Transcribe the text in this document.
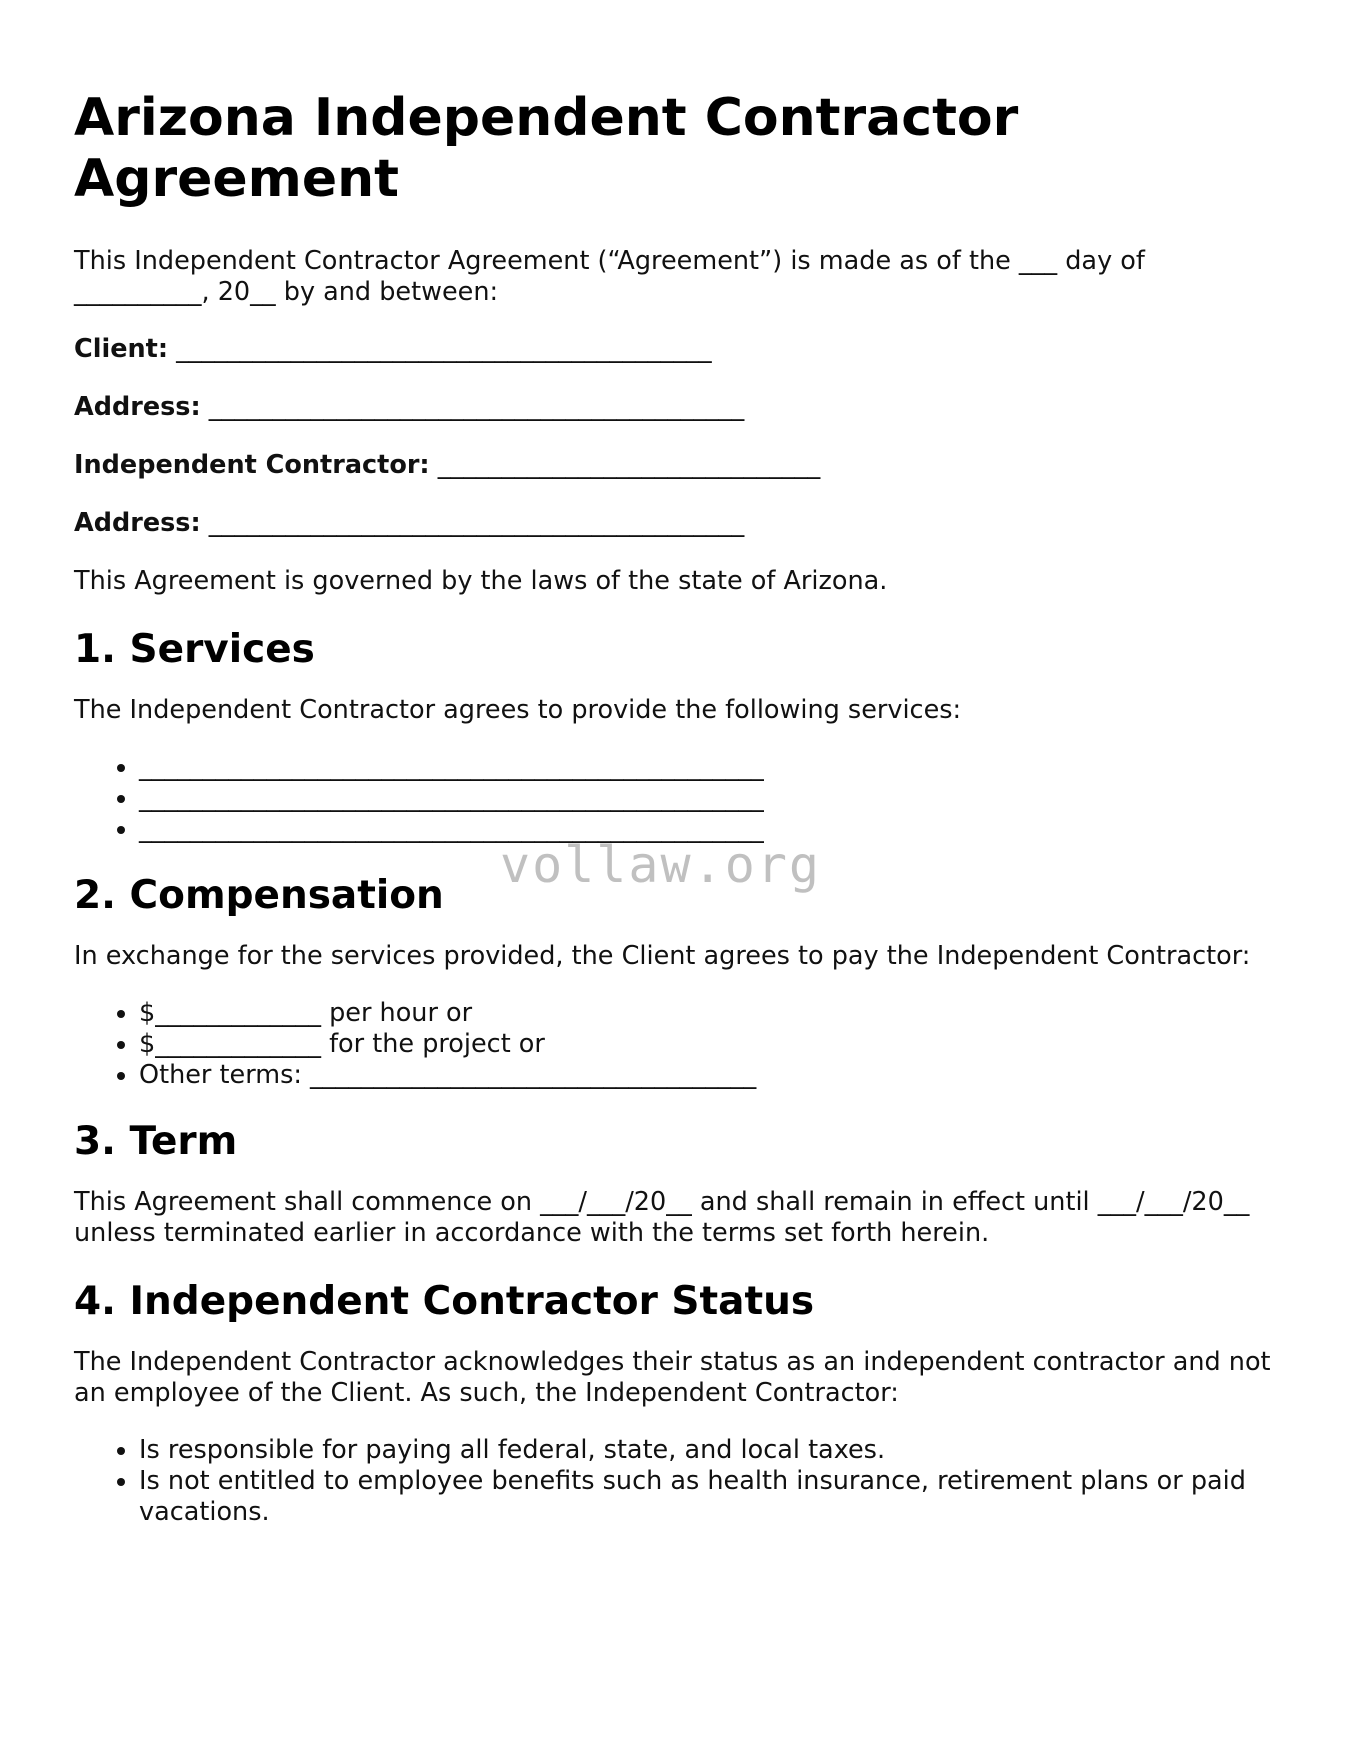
Arizona Independent Contractor Agreement

This Independent Contractor Agreement (“Agreement”) is made as of the ___ day of __________, 20__ by and between:

Client: __________________________________________

Address: __________________________________________

Independent Contractor: ______________________________

Address: __________________________________________

This Agreement is governed by the laws of the state of Arizona.

1. Services

The Independent Contractor agrees to provide the following services:

• _________________________________________________
• _________________________________________________
• _________________________________________________
2. Compensation

In exchange for the services provided, the Client agrees to pay the Independent Contractor:

• $_____________ per hour or
• $_____________ for the project or
• Other terms: ___________________________________
3. Term

This Agreement shall commence on ___/___/20__ and shall remain in effect until ___/___/20__ unless terminated earlier in accordance with the terms set forth herein.

4. Independent Contractor Status

The Independent Contractor acknowledges their status as an independent contractor and not an employee of the Client. As such, the Independent Contractor:

• Is responsible for paying all federal, state, and local taxes.
• Is not entitled to employee benefits such as health insurance, retirement plans or paid vacations.
vollaw.org
